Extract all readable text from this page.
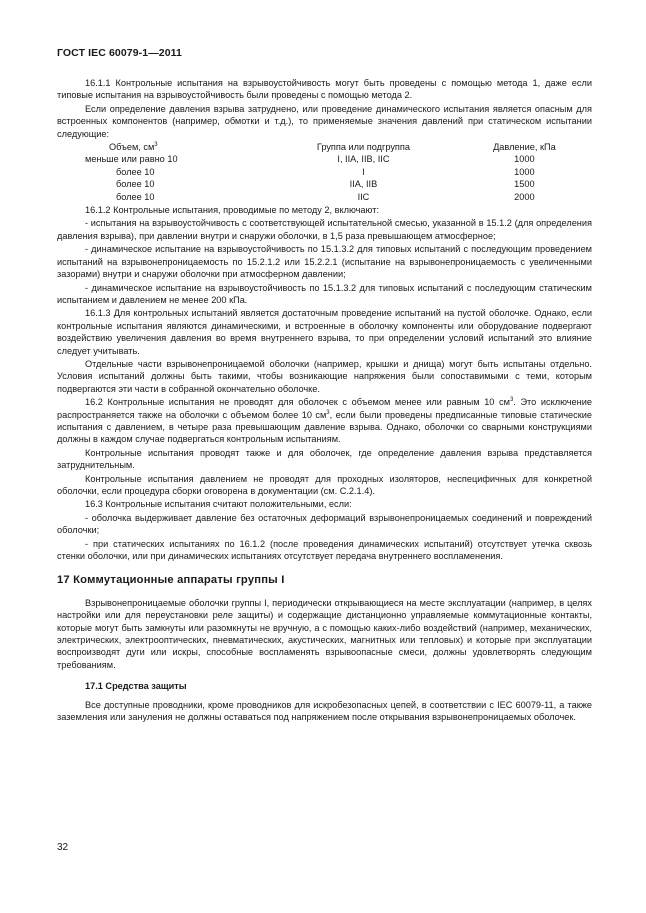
ГОСТ IEC 60079-1—2011

16.1.1 Контрольные испытания на взрывоустойчивость могут быть проведены с помощью метода 1, даже если типовые испытания на взрывоустойчивость были проведены с помощью метода 2.

Если определение давления взрыва затруднено, или проведение динамического испытания является опасным для встроенных компонентов (например, обмотки и т.д.), то применяемые значения давлений при статическом испытании следующие:

Объем, $см^3$	Группа или подгруппа	Давление, кПа
меньше или равно 10	I, IIA, IIB, IIC	1000
более 10	I	1000
более 10	IIA, IIB	1500
более 10	IIC	2000

16.1.2 Контрольные испытания, проводимые по методу 2, включают:

- испытания на взрывоустойчивость с соответствующей испытательной смесью, указанной в 15.1.2 (для определения давления взрыва), при давлении внутри и снаружи оболочки, в 1,5 раза превышающем атмосферное;

- динамическое испытание на взрывоустойчивость по 15.1.3.2 для типовых испытаний с последующим проведением испытаний на взрывонепроницаемость по 15.2.1.2 или 15.2.2.1 (испытание на взрывонепроницаемость с увеличенными зазорами) внутри и снаружи оболочки при атмосферном давлении;

- динамическое испытание на взрывоустойчивость по 15.1.3.2 для типовых испытаний с последующим статическим испытанием и давлением не менее 200 кПа.

16.1.3 Для контрольных испытаний является достаточным проведение испытаний на пустой оболочке. Однако, если контрольные испытания являются динамическими, и встроенные в оболочку компоненты или оборудование подвергают воздействию увеличения давления во время внутреннего взрыва, то при определении условий испытаний это влияние следует учитывать.

Отдельные части взрывонепроницаемой оболочки (например, крышки и днища) могут быть испытаны отдельно. Условия испытаний должны быть такими, чтобы возникающие напряжения были сопоставимыми с теми, которым подвергаются эти части в собранной окончательно оболочке.

16.2 Контрольные испытания не проводят для оболочек с объемом менее или равным 10 $см^3$. Это исключение распространяется также на оболочки с объемом более 10 $см^3$, если были проведены предписанные типовые статические испытания с давлением, в четыре раза превышающим давление взрыва. Однако, оболочки со сварными конструкциями должны в каждом случае подвергаться контрольным испытаниям.

Контрольные испытания проводят также и для оболочек, где определение давления взрыва представляется затруднительным.

Контрольные испытания давлением не проводят для проходных изоляторов, неспецифичных для конкретной оболочки, если процедура сборки оговорена в документации (см. С.2.1.4).

16.3 Контрольные испытания считают положительными, если:

- оболочка выдерживает давление без остаточных деформаций взрывонепроницаемых соединений и повреждений оболочки;

- при статических испытаниях по 16.1.2 (после проведения динамических испытаний) отсутствует утечка сквозь стенки оболочки, или при динамических испытаниях отсутствует передача внутреннего воспламенения.

17 Коммутационные аппараты группы I

Взрывонепроницаемые оболочки группы I, периодически открывающиеся на месте эксплуатации (например, в целях настройки или для переустановки реле защиты) и содержащие дистанционно управляемые коммутационные контакты, которые могут быть замкнуты или разомкнуты не вручную, а с помощью каких-либо воздействий (например, механических, электрических, электрооптических, пневматических, акустических, магнитных или тепловых) и которые при эксплуатации воспроизводят дуги или искры, способные воспламенять взрывоопасные смеси, должны удовлетворять следующим требованиям.

17.1 Средства защиты

Все доступные проводники, кроме проводников для искробезопасных цепей, в соответствии с IEC 60079-11, а также заземления или зануления не должны оставаться под напряжением после открывания взрывонепроницаемых оболочек.

32
